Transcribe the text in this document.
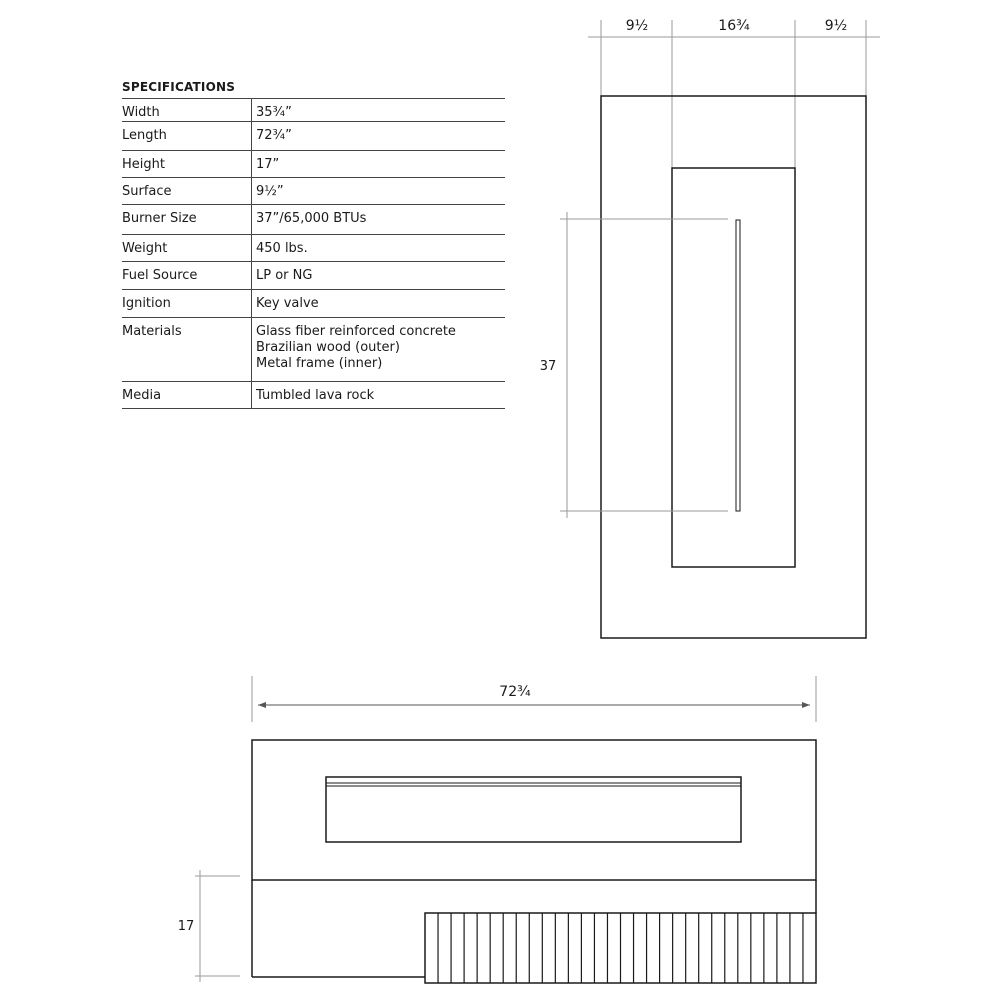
SPECIFICATIONS
Width	35¾”
Length	72¾”
Height	17”
Surface	9½”
Burner Size	37”/65,000 BTUs
Weight	450 lbs.
Fuel Source	LP or NG
Ignition	Key valve
Materials	Glass fiber reinforced concrete
Brazilian wood (outer)
Metal frame (inner)
Media	Tumbled lava rock
9½	16¾	9½
37
72¾
17
